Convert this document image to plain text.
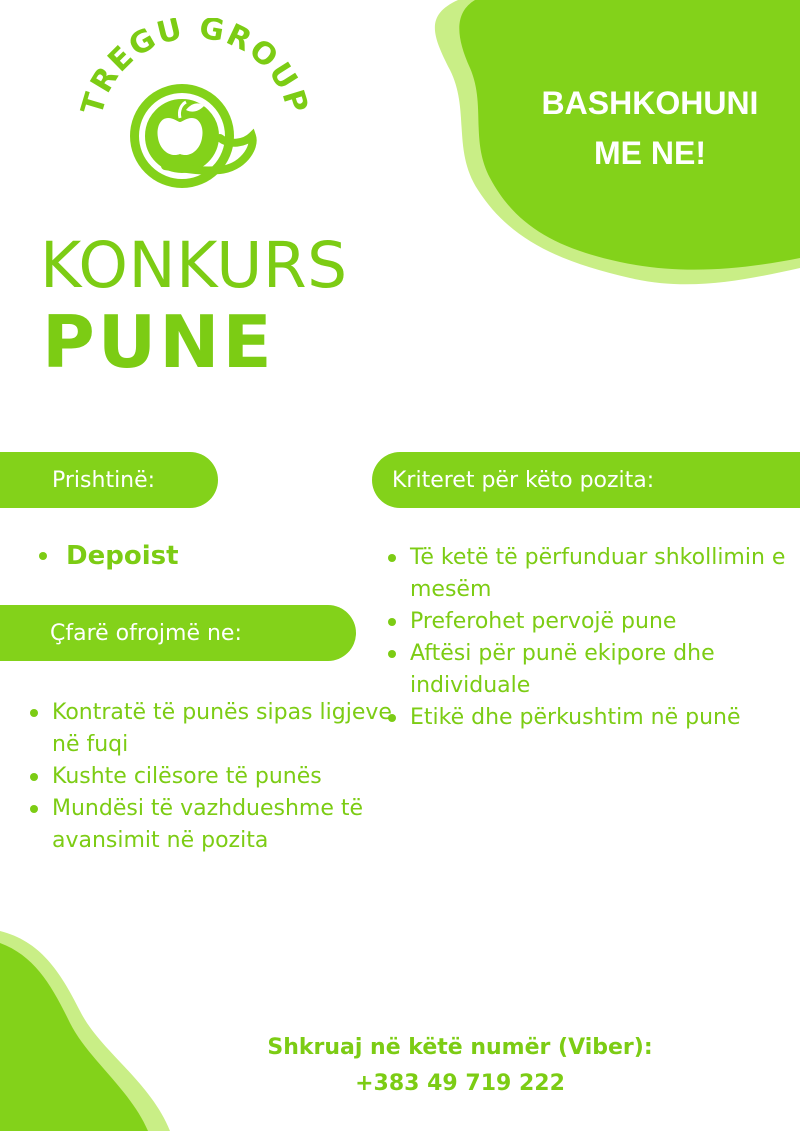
TREGU GROUP	BASHKOHUNI
ME NE!
KONKURS
PUNE
Prishtinë:
Depoist
Kriteret për këto pozita:
Të ketë të përfunduar shkollimin e mesëm
Preferohet pervojë pune
Aftësi për punë ekipore dhe individuale
Etikë dhe përkushtim në punë
Çfarë ofrojmë ne:
Kontratë të punës sipas ligjeve në fuqi
Kushte cilësore të punës
Mundësi të vazhdueshme të avansimit në pozita
Shkruaj në këtë numër (Viber):
+383 49 719 222
